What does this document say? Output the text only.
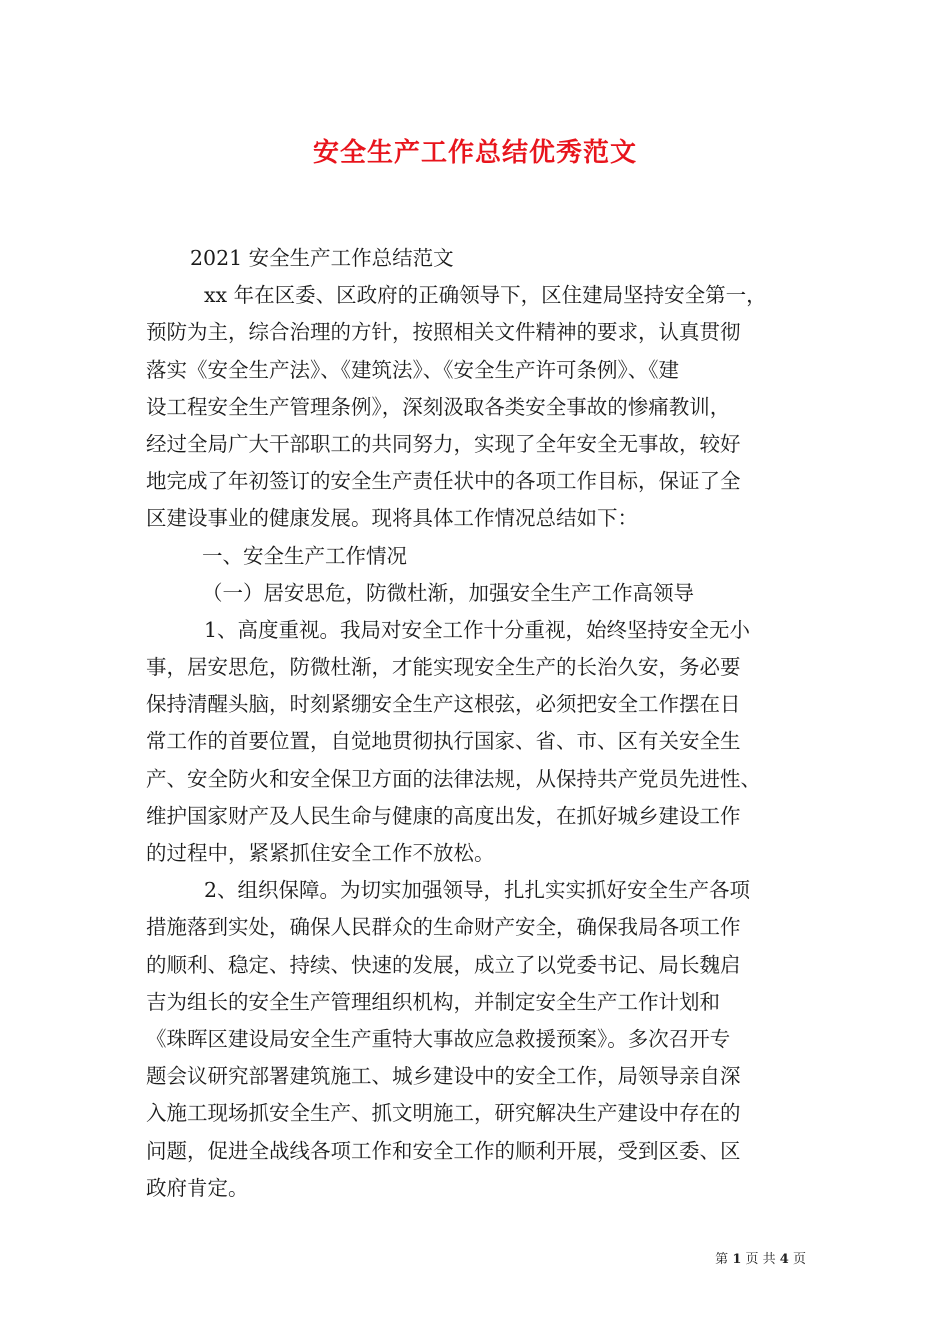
安全生产工作总结优秀范文
2021 安全生产工作总结范文
xx 年在区委、区政府的正确领导下，区住建局坚持安全第一，
预防为主，综合治理的方针，按照相关文件精神的要求，认真贯彻
落实《安全生产法》、《建筑法》、《安全生产许可条例》、《建
设工程安全生产管理条例》，深刻汲取各类安全事故的惨痛教训，
经过全局广大干部职工的共同努力，实现了全年安全无事故，较好
地完成了年初签订的安全生产责任状中的各项工作目标，保证了全
区建设事业的健康发展。现将具体工作情况总结如下：
一、安全生产工作情况
（一）居安思危，防微杜渐，加强安全生产工作高领导
1、高度重视。我局对安全工作十分重视，始终坚持安全无小
事，居安思危，防微杜渐，才能实现安全生产的长治久安，务必要
保持清醒头脑，时刻紧绷安全生产这根弦，必须把安全工作摆在日
常工作的首要位置，自觉地贯彻执行国家、省、市、区有关安全生
产、安全防火和安全保卫方面的法律法规，从保持共产党员先进性、
维护国家财产及人民生命与健康的高度出发，在抓好城乡建设工作
的过程中，紧紧抓住安全工作不放松。
2、组织保障。为切实加强领导，扎扎实实抓好安全生产各项
措施落到实处，确保人民群众的生命财产安全，确保我局各项工作
的顺利、稳定、持续、快速的发展，成立了以党委书记、局长魏启
吉为组长的安全生产管理组织机构，并制定安全生产工作计划和
《珠晖区建设局安全生产重特大事故应急救援预案》。多次召开专
题会议研究部署建筑施工、城乡建设中的安全工作，局领导亲自深
入施工现场抓安全生产、抓文明施工，研究解决生产建设中存在的
问题，促进全战线各项工作和安全工作的顺利开展，受到区委、区
政府肯定。
第 1 页 共 4 页
